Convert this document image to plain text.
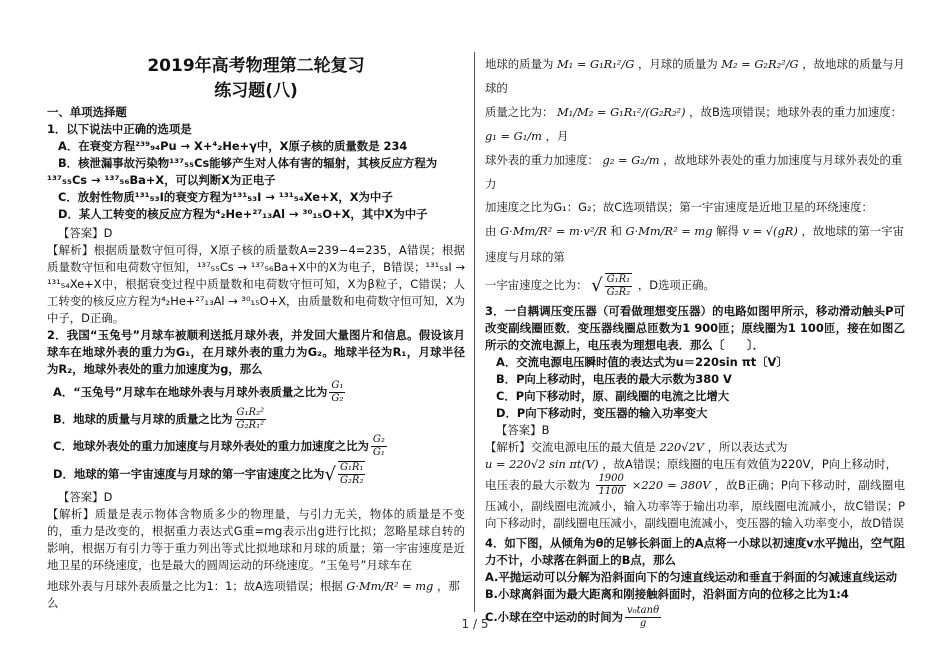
2019年高考物理第二轮复习
练习题(八)

一、单项选择题

1．以下说法中正确的选项是

A．在衰变方程²³⁹₉₄Pu → X+⁴₂He+γ中，X原子核的质量数是 234

B．核泄漏事故污染物¹³⁷₅₅Cs能够产生对人体有害的辐射，其核反应方程为

¹³⁷₅₅Cs → ¹³⁷₅₆Ba+X，可以判断X为正电子

C．放射性物质¹³¹₅₃I的衰变方程为¹³¹₅₃I → ¹³¹₅₄Xe+X，X为中子

D．某人工转变的核反应方程为⁴₂He+²⁷₁₃Al → ³⁰₁₅O+X，其中X为中子

【答案】D

【解析】根据质量数守恒可得，X原子核的质量数A=239−4=235，A错误；根据质量数守恒和电荷数守恒知，¹³⁷₅₅Cs → ¹³⁷₅₆Ba+X中的X为电子，B错误；¹³¹₅₃I → ¹³¹₅₄Xe+X中，根据衰变过程中质量数和电荷数守恒可知，X为β粒子，C错误；人工转变的核反应方程为⁴₂He+²⁷₁₃Al → ³⁰₁₅O+X，由质量数和电荷数守恒可知，X为中子，D正确。

2．我国“玉兔号”月球车被顺利送抵月球外表，并发回大量图片和信息。假设该月球车在地球外表的重力为G₁，在月球外表的重力为G₂。地球半径为R₁，月球半径为R₂，地球外表处的重力加速度为g，那么

A．“玉兔号”月球车在地球外表与月球外表质量之比为 $\frac{\text{G₁}}{\text{G₂}}$
B．地球的质量与月球的质量之比为 $\frac{\text{G₁R₂²}}{\text{G₂R₁²}}$
C．地球外表处的重力加速度与月球外表处的重力加速度之比为 $\frac{\text{G₂}}{\text{G₁}}$
D．地球的第一宇宙速度与月球的第一宇宙速度之比为 √ $\frac{\text{G₁R₁}}{\text{G₂R₂}}$

【答案】D

【解析】质量是表示物体含物质多少的物理量，与引力无关，物体的质量是不变的，重力是改变的，根据重力表达式G重=mg表示出g进行比拟；忽略星球自转的影响，根据万有引力等于重力列出等式比拟地球和月球的质量；第一宇宙速度是近地卫星的环绕速度，也是最大的圆周运动的环绕速度。“玉兔号”月球车在

地球外表与月球外表质量之比为1：1；故A选项错误；根据 G·Mm/R² = mg ，那么

地球的质量为 M₁ = G₁R₁²/G ，月球的质量为 M₂ = G₂R₂²/G ，故地球的质量与月球的

质量之比为： M₁/M₂ = G₁R₁²/(G₂R₂²) ，故B选项错误；地球外表的重力加速度： g₁ = G₁/m ，月

球外表的重力加速度： g₂ = G₂/m ，故地球外表处的重力加速度与月球外表处的重力

加速度之比为G₁：G₂；故C选项错误；第一宇宙速度是近地卫星的环绕速度：

由 G·Mm/R² = m·v²/R 和 G·Mm/R² = mg 解得 v = √(gR) ，故地球的第一宇宙速度与月球的第

一宇宙速度之比为： √ $\frac{\text{G₁R₁}}{\text{G₂R₂}}$ ，D选项正确。

3．一自耦调压变压器（可看做理想变压器）的电路如图甲所示，移动滑动触头P可改变副线圈匝数．变压器线圈总匝数为1 900匝；原线圈为1 100匝，接在如图乙所示的交流电源上，电压表为理想电表．那么〔　　〕．

A．交流电源电压瞬时值的表达式为u＝220sin πt〔V〕

B．P向上移动时，电压表的最大示数为380 V

C．P向下移动时，原、副线圈的电流之比增大

D．P向下移动时，变压器的输入功率变大

【答案】B

【解析】交流电源电压的最大值是 220√2V ，所以表达式为

u = 220√2 sin πt(V) ，故A错误；原线圈的电压有效值为220V，P向上移动时，

电压表的最大示数为 $\frac{1900}{1100} \times 220 = 380V$ ，故B正确；P向下移动时，副线圈电压减小，副线圈电流减小，输入功率等于输出功率，原线圈电流减小，故C错误；P向下移动时，副线圈电压减小，副线圈电流减小，变压器的输入功率变小，故D错误

4．如下图，从倾角为θ的足够长斜面上的A点将一小球以初速度v水平抛出，空气阻力不计，小球落在斜面上的B点，那么

A.平抛运动可以分解为沿斜面向下的匀速直线运动和垂直于斜面的匀减速直线运动

B.小球离斜面为最大距离和刚接触斜面时，沿斜面方向的位移之比为1:4

C.小球在空中运动的时间为 $\frac{\text{v₀tanθ}}{g}$
1 / 5
